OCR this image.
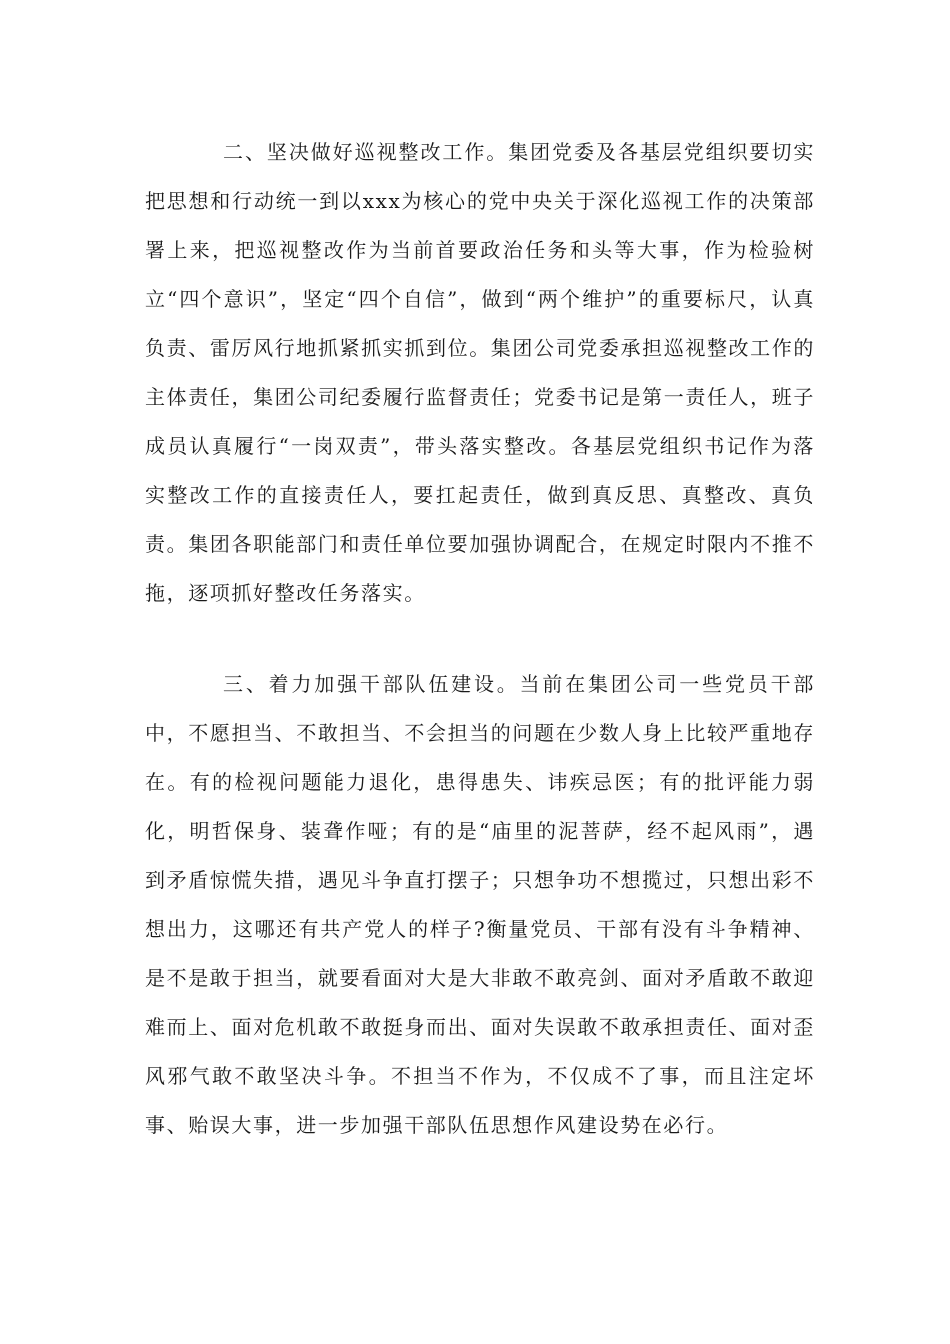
二、坚决做好巡视整改工作。集团党委及各基层党组织要切实把思想和行动统一到以xxx为核心的党中央关于深化巡视工作的决策部署上来，把巡视整改作为当前首要政治任务和头等大事，作为检验树立“四个意识”，坚定“四个自信”，做到“两个维护”的重要标尺，认真负责、雷厉风行地抓紧抓实抓到位。集团公司党委承担巡视整改工作的主体责任，集团公司纪委履行监督责任；党委书记是第一责任人，班子成员认真履行“一岗双责”，带头落实整改。各基层党组织书记作为落实整改工作的直接责任人，要扛起责任，做到真反思、真整改、真负责。集团各职能部门和责任单位要加强协调配合，在规定时限内不推不拖，逐项抓好整改任务落实。

三、着力加强干部队伍建设。当前在集团公司一些党员干部中，不愿担当、不敢担当、不会担当的问题在少数人身上比较严重地存在。有的检视问题能力退化，患得患失、讳疾忌医；有的批评能力弱化，明哲保身、装聋作哑；有的是“庙里的泥菩萨，经不起风雨”，遇到矛盾惊慌失措，遇见斗争直打摆子；只想争功不想揽过，只想出彩不想出力，这哪还有共产党人的样子?衡量党员、干部有没有斗争精神、是不是敢于担当，就要看面对大是大非敢不敢亮剑、面对矛盾敢不敢迎难而上、面对危机敢不敢挺身而出、面对失误敢不敢承担责任、面对歪风邪气敢不敢坚决斗争。不担当不作为，不仅成不了事，而且注定坏事、贻误大事，进一步加强干部队伍思想作风建设势在必行。
